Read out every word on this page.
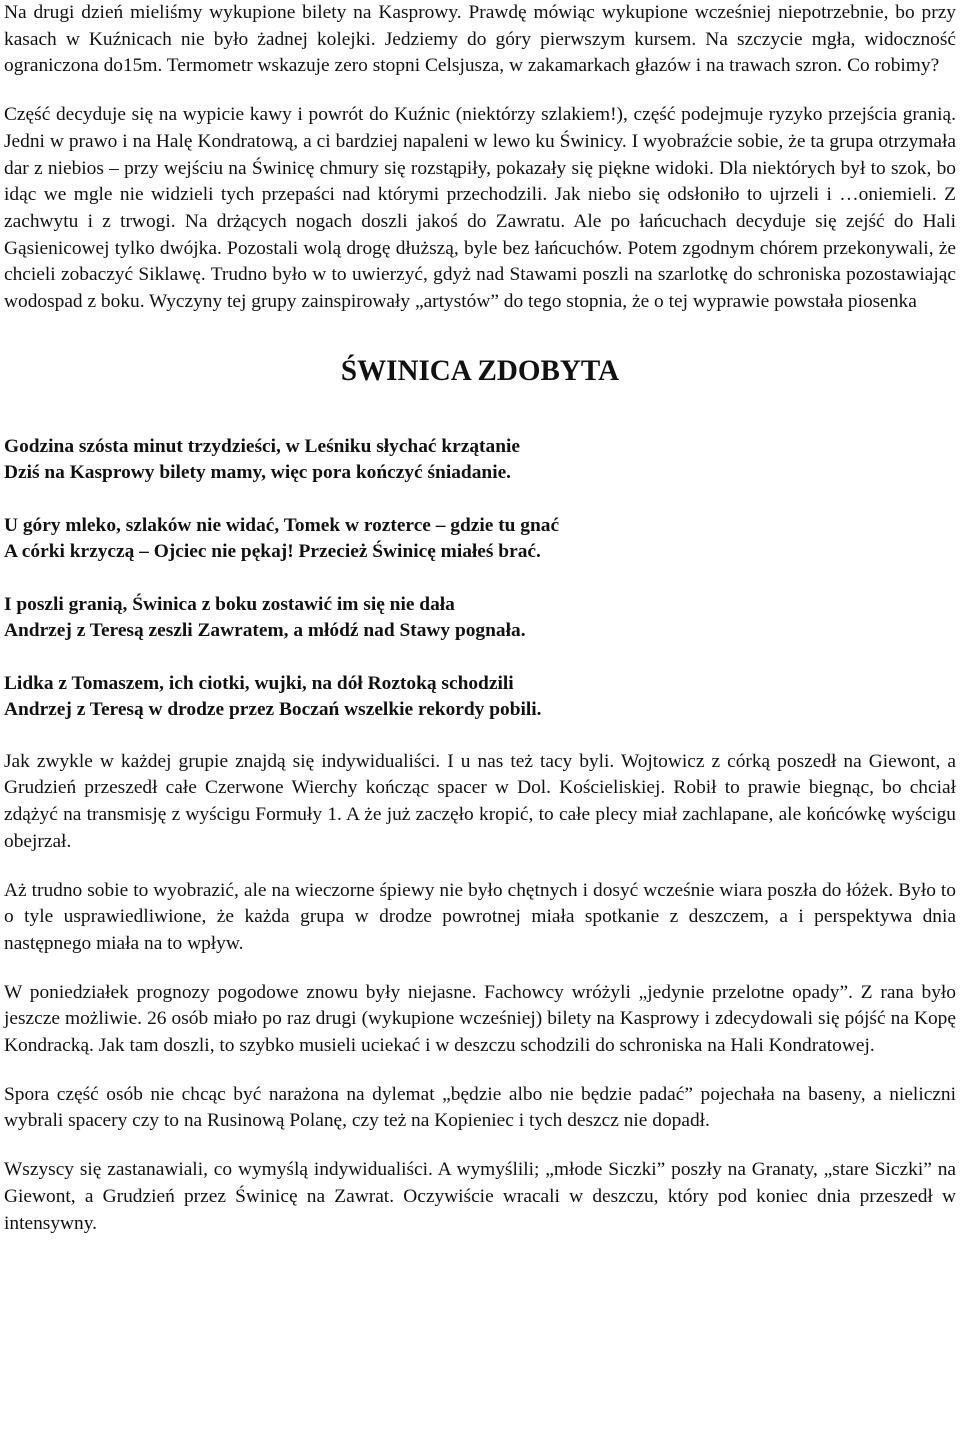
Na drugi dzień mieliśmy wykupione bilety na Kasprowy. Prawdę mówiąc wykupione wcześniej niepotrzebnie, bo przy kasach w Kuźnicach nie było żadnej kolejki. Jedziemy do góry pierwszym kursem. Na szczycie mgła, widoczność ograniczona do15m. Termometr wskazuje zero stopni Celsjusza, w zakamarkach głazów i na trawach szron. Co robimy?

Część decyduje się na wypicie kawy i powrót do Kuźnic (niektórzy szlakiem!), część podejmuje ryzyko przejścia granią. Jedni w prawo i na Halę Kondratową, a ci bardziej napaleni w lewo ku Świnicy. I wyobraźcie sobie, że ta grupa otrzymała dar z niebios – przy wejściu na Świnicę chmury się rozstąpiły, pokazały się piękne widoki. Dla niektórych był to szok, bo idąc we mgle nie widzieli tych przepaści nad którymi przechodzili. Jak niebo się odsłoniło to ujrzeli i …oniemieli. Z zachwytu i z trwogi. Na drżących nogach doszli jakoś do Zawratu. Ale po łańcuchach decyduje się zejść do Hali Gąsienicowej tylko dwójka. Pozostali wolą drogę dłuższą, byle bez łańcuchów. Potem zgodnym chórem przekonywali, że chcieli zobaczyć Siklawę. Trudno było w to uwierzyć, gdyż nad Stawami poszli na szarlotkę do schroniska pozostawiając wodospad z boku. Wyczyny tej grupy zainspirowały „artystów” do tego stopnia, że o tej wyprawie powstała piosenka

ŚWINICA ZDOBYTA
Godzina szósta minut trzydzieści, w Leśniku słychać krzątanie
Dziś na Kasprowy bilety mamy, więc pora kończyć śniadanie.
U góry mleko, szlaków nie widać, Tomek w rozterce – gdzie tu gnać
A córki krzyczą – Ojciec nie pękaj! Przecież Świnicę miałeś brać.
I poszli granią, Świnica z boku zostawić im się nie dała
Andrzej z Teresą zeszli Zawratem, a młódź nad Stawy pognała.
Lidka z Tomaszem, ich ciotki, wujki, na dół Roztoką schodzili
Andrzej z Teresą w drodze przez Boczań wszelkie rekordy pobili.

Jak zwykle w każdej grupie znajdą się indywidualiści. I u nas też tacy byli. Wojtowicz z córką poszedł na Giewont, a Grudzień przeszedł całe Czerwone Wierchy kończąc spacer w Dol. Kościeliskiej. Robił to prawie biegnąc, bo chciał zdążyć na transmisję z wyścigu Formuły 1. A że już zaczęło kropić, to całe plecy miał zachlapane, ale końcówkę wyścigu obejrzał.

Aż trudno sobie to wyobrazić, ale na wieczorne śpiewy nie było chętnych i dosyć wcześnie wiara poszła do łóżek. Było to o tyle usprawiedliwione, że każda grupa w drodze powrotnej miała spotkanie z deszczem, a i perspektywa dnia następnego miała na to wpływ.

W poniedziałek prognozy pogodowe znowu były niejasne. Fachowcy wróżyli „jedynie przelotne opady”. Z rana było jeszcze możliwie. 26 osób miało po raz drugi (wykupione wcześniej) bilety na Kasprowy i zdecydowali się pójść na Kopę Kondracką. Jak tam doszli, to szybko musieli uciekać i w deszczu schodzili do schroniska na Hali Kondratowej.

Spora część osób nie chcąc być narażona na dylemat „będzie albo nie będzie padać” pojechała na baseny, a nieliczni wybrali spacery czy to na Rusinową Polanę, czy też na Kopieniec i tych deszcz nie dopadł.

Wszyscy się zastanawiali, co wymyślą indywidualiści. A wymyślili; „młode Siczki” poszły na Granaty, „stare Siczki” na Giewont, a Grudzień przez Świnicę na Zawrat. Oczywiście wracali w deszczu, który pod koniec dnia przeszedł w intensywny.
